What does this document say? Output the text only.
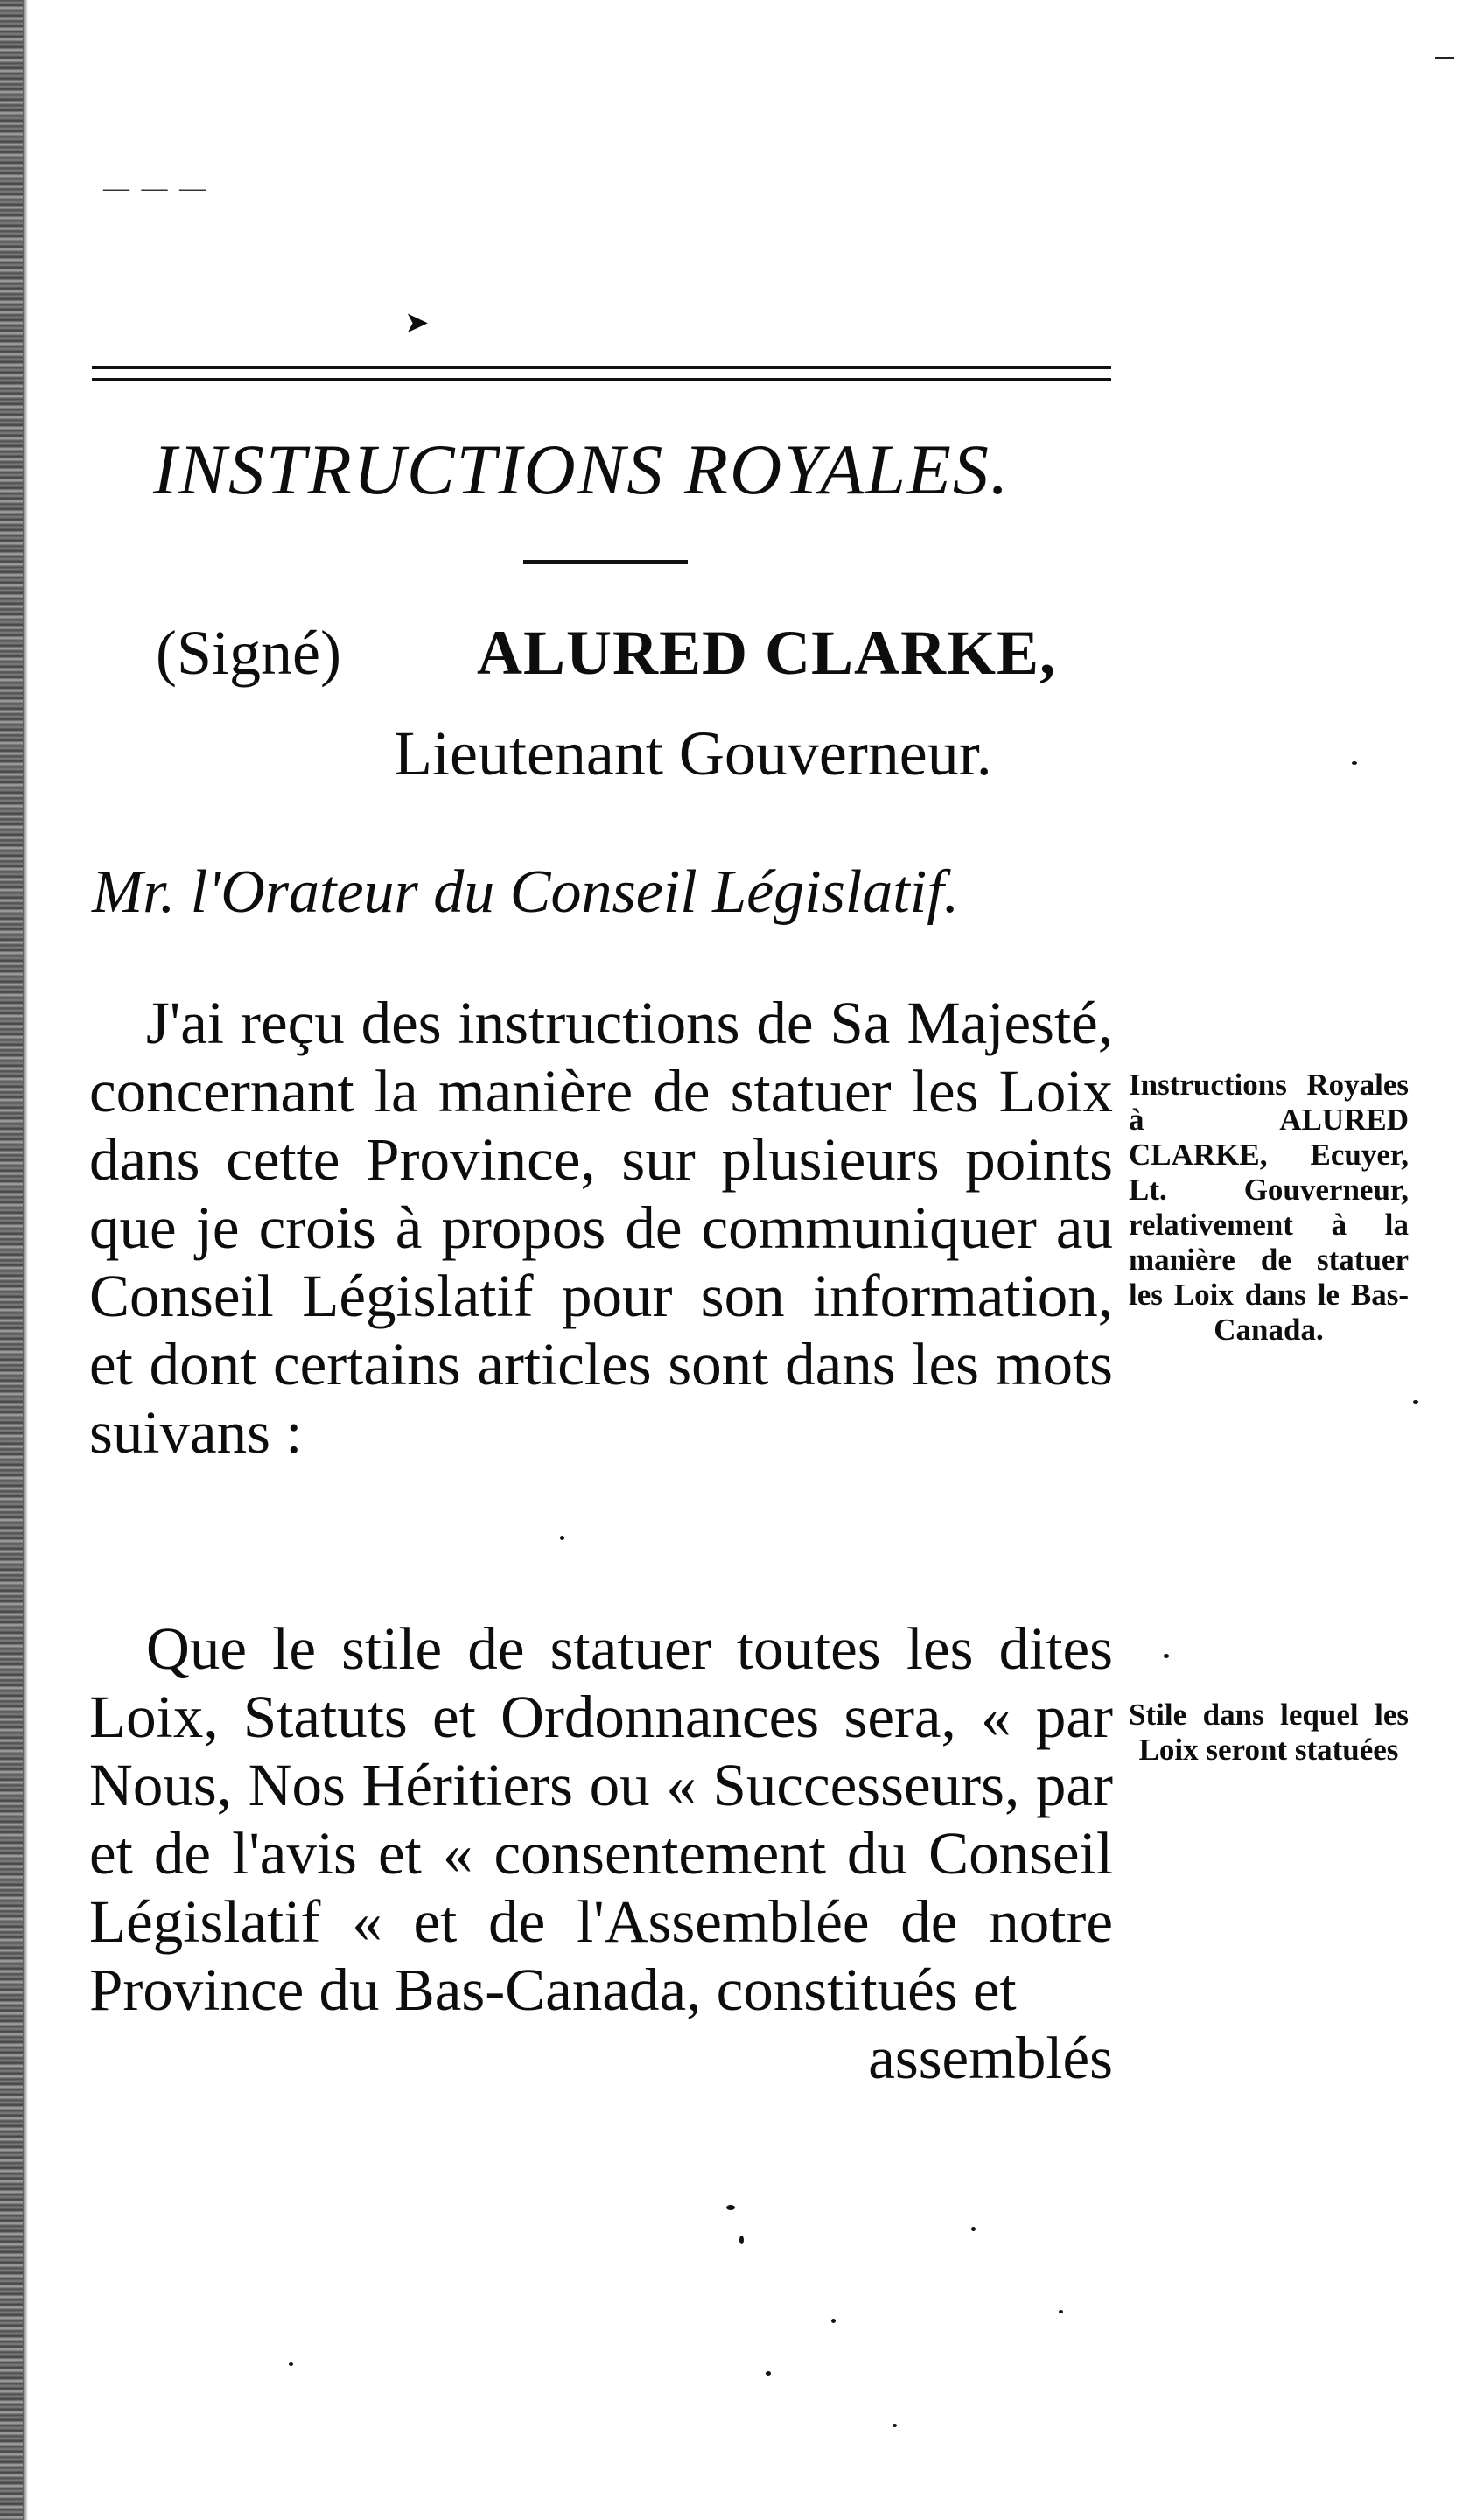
— — —
➤
INSTRUCTIONS ROYALES.
(Signé) ALURED CLARKE,
Lieutenant Gouverneur.
Mr. l'Orateur du Conseil Législatif.
J'ai reçu des instructions de Sa Majesté, concernant la manière de statuer les Loix dans cette Province, sur plusieurs points que je crois à propos de communiquer au Conseil Législatif pour son information, et dont certains articles sont dans les mots suivans :
Que le stile de statuer toutes les dites Loix, Statuts et Ordonnances sera, « par Nous, Nos Héritiers ou « Successeurs, par et de l'avis et « consentement du Conseil Législatif « et de l'Assemblée de notre Province du Bas-Canada, constitués et
assemblés
Instructions Royales à ALURED CLARKE, Ecuyer, Lt. Gouverneur, relativement à la manière de statuer les Loix dans le Bas-Canada.
Stile dans lequel les Loix seront statuées
